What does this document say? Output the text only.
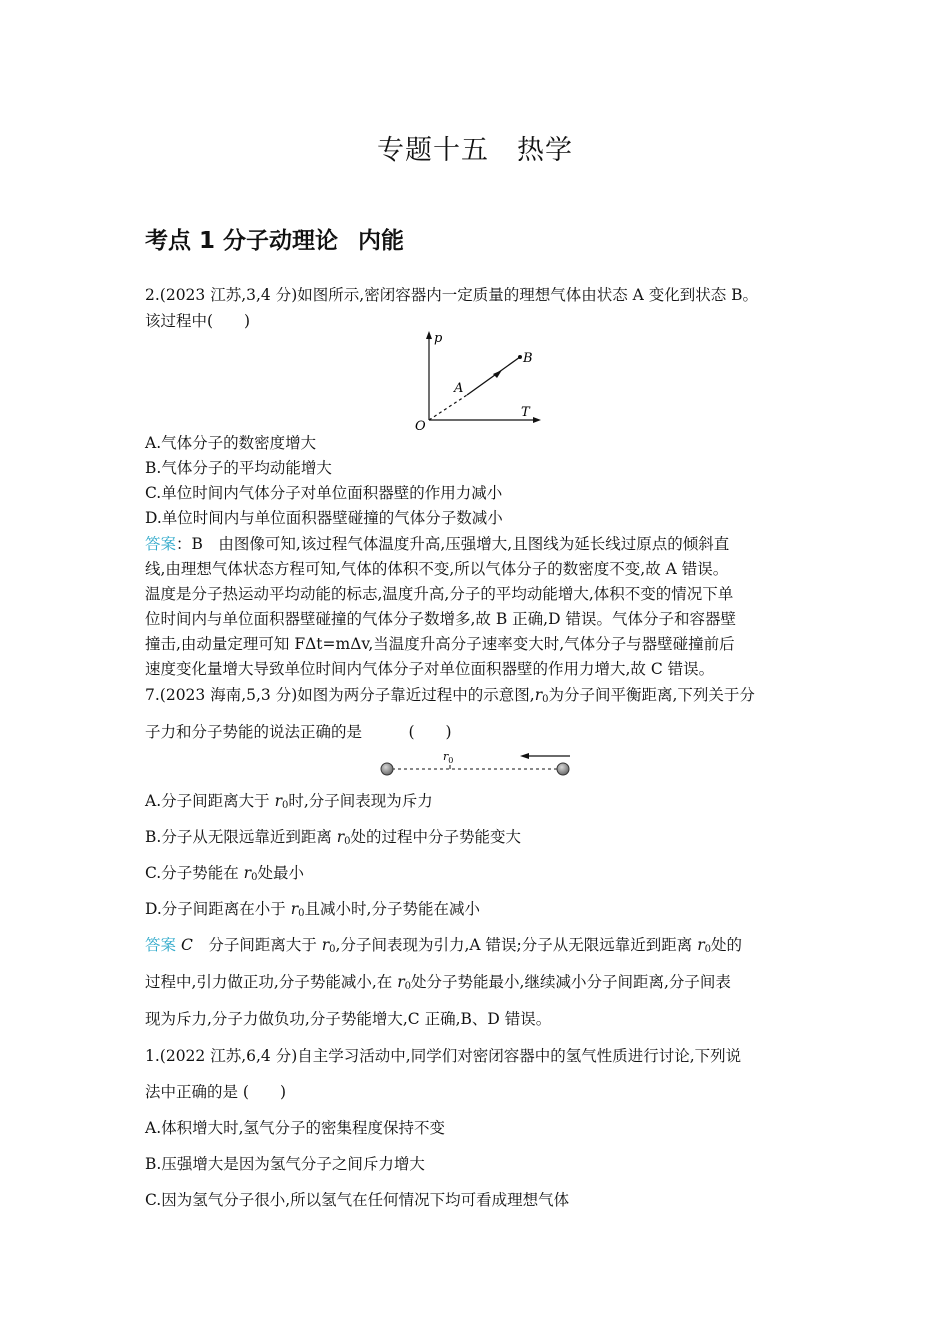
专题十五 热学
考点 1 分子动理论 内能
2.(2023 江苏,3,4 分)如图所示,密闭容器内一定质量的理想气体由状态 A 变化到状态 B。
该过程中(　　)
p
B
A
T
O
A.气体分子的数密度增大
B.气体分子的平均动能增大
C.单位时间内气体分子对单位面积器壁的作用力减小
D.单位时间内与单位面积器壁碰撞的气体分子数减小
答案：B　由图像可知,该过程气体温度升高,压强增大,且图线为延长线过原点的倾斜直
线,由理想气体状态方程可知,气体的体积不变,所以气体分子的数密度不变,故 A 错误。
温度是分子热运动平均动能的标志,温度升高,分子的平均动能增大,体积不变的情况下单
位时间内与单位面积器壁碰撞的气体分子数增多,故 B 正确,D 错误。气体分子和容器壁
撞击,由动量定理可知 FΔt=mΔv,当温度升高分子速率变大时,气体分子与器壁碰撞前后
速度变化量增大导致单位时间内气体分子对单位面积器壁的作用力增大,故 C 错误。
7.(2023 海南,5,3 分)如图为两分子靠近过程中的示意图$,r_0$为分子间平衡距离,下列关于分
子力和分子势能的说法正确的是　　　(　　)
$r_0$
A.分子间距离大于 $r_0$时,分子间表现为斥力
B.分子从无限远靠近到距离 $r_0$处的过程中分子势能变大
C.分子势能在 $r_0$处最小
D.分子间距离在小于 $r_0$且减小时,分子势能在减小
答案 C　分子间距离大于 $r_0$,分子间表现为引力,A 错误;分子从无限远靠近到距离 $r_0$处的
过程中,引力做正功,分子势能减小,在 $r_0$处分子势能最小,继续减小分子间距离,分子间表
现为斥力,分子力做负功,分子势能增大,C 正确,B、D 错误。
1.(2022 江苏,6,4 分)自主学习活动中,同学们对密闭容器中的氢气性质进行讨论,下列说
法中正确的是 (　　)
A.体积增大时,氢气分子的密集程度保持不变
B.压强增大是因为氢气分子之间斥力增大
C.因为氢气分子很小,所以氢气在任何情况下均可看成理想气体
